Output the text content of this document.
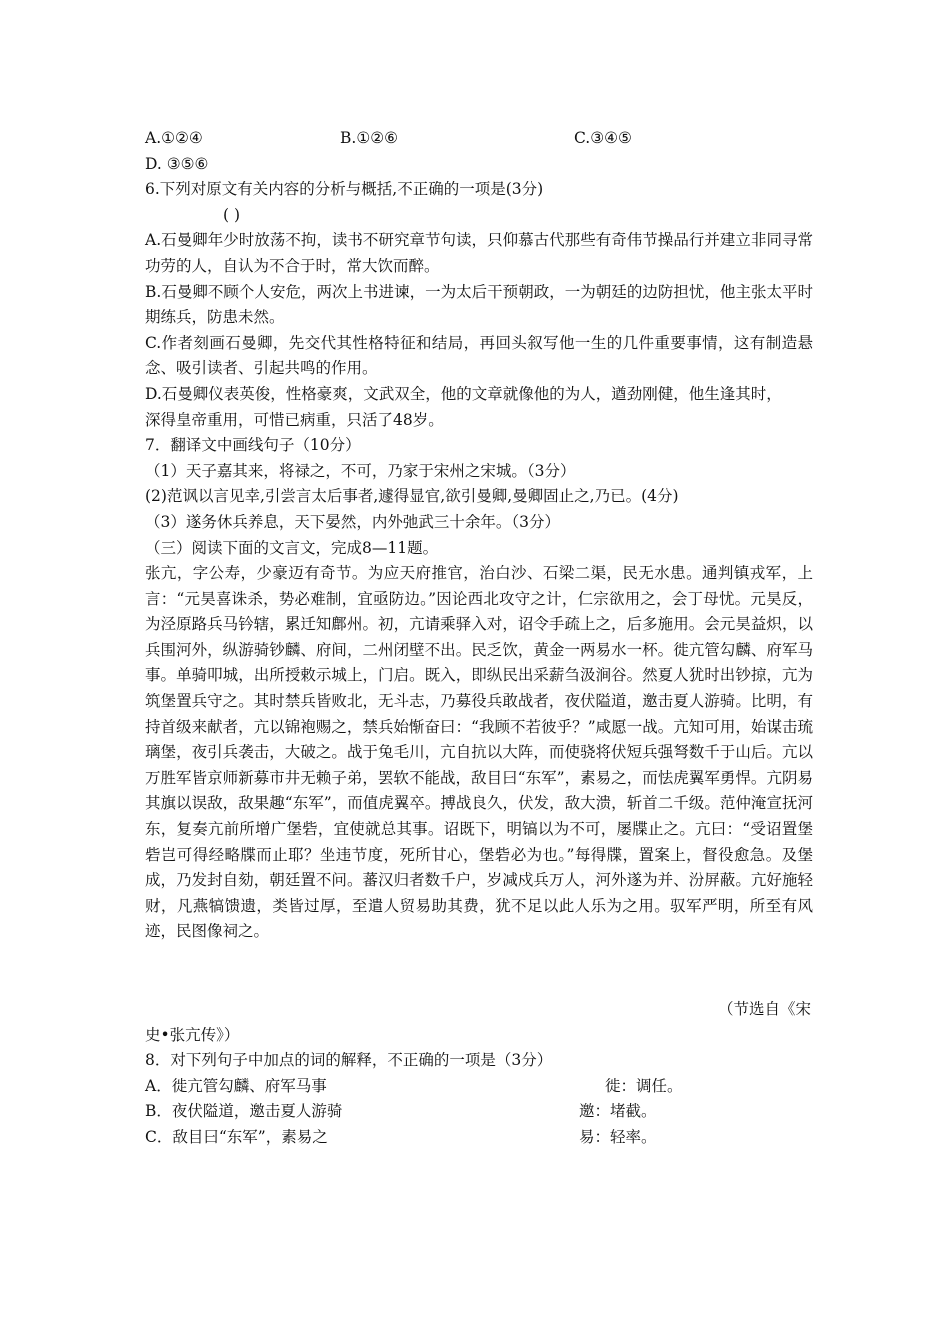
A.①②④	B.①②⑥	C.③④⑤
D. ③⑤⑥
6.下列对原文有关内容的分析与概括,不正确的一项是(3分)
( )
A.石曼卿年少时放荡不拘，读书不研究章节句读，只仰慕古代那些有奇伟节操品行并建立非同寻常功劳的人，自认为不合于时，常大饮而醉。
B.石曼卿不顾个人安危，两次上书进谏，一为太后干预朝政，一为朝廷的边防担忧，他主张太平时期练兵，防患未然。
C.作者刻画石曼卿，先交代其性格特征和结局，再回头叙写他一生的几件重要事情，这有制造悬念、吸引读者、引起共鸣的作用。
D.石曼卿仪表英俊，性格豪爽，文武双全，他的文章就像他的为人，遒劲刚健，他生逢其时，
深得皇帝重用，可惜已病重，只活了48岁。
7．翻译文中画线句子（10分）
（1）天子嘉其来，将禄之，不可，乃家于宋州之宋城。（3分）
(2)范讽以言见幸,引尝言太后事者,遽得显官,欲引曼卿,曼卿固止之,乃已。(4分)
（3）遂务休兵养息，天下晏然，内外弛武三十余年。（3分）
（三）阅读下面的文言文，完成8—11题。
张亢，字公寿，少豪迈有奇节。为应天府推官，治白沙、石梁二渠，民无水患。通判镇戎军，上言：“元昊喜诛杀，势必难制，宜亟防边。”因论西北攻守之计，仁宗欲用之，会丁母忧。元昊反，为泾原路兵马钤辖，累迁知鄜州。初，亢请乘驿入对，诏令手疏上之，后多施用。会元昊益炽，以兵围河外，纵游骑钞麟、府间，二州闭壁不出。民乏饮，黄金一两易水一杯。徙亢管勾麟、府军马事。单骑叩城，出所授敕示城上，门启。既入，即纵民出采薪刍汲涧谷。然夏人犹时出钞掠，亢为筑堡置兵守之。其时禁兵皆败北，无斗志，乃募役兵敢战者，夜伏隘道，邀击夏人游骑。比明，有持首级来献者，亢以锦袍赐之，禁兵始惭奋曰：“我顾不若彼乎？”咸愿一战。亢知可用，始谋击琉璃堡，夜引兵袭击，大破之。战于兔毛川，亢自抗以大阵，而使骁将伏短兵强弩数千于山后。亢以万胜军皆京师新募市井无赖子弟，罢软不能战，敌目曰“东军”，素易之，而怯虎翼军勇悍。亢阴易其旗以误敌，敌果趣“东军”，而值虎翼卒。搏战良久，伏发，敌大溃，斩首二千级。范仲淹宣抚河东，复奏亢前所增广堡砦，宜使就总其事。诏既下，明镐以为不可，屡牒止之。亢曰：“受诏置堡砦岂可得经略牒而止耶？坐违节度，死所甘心，堡砦必为也。”每得牒，置案上，督役愈急。及堡成，乃发封自劾，朝廷置不问。蕃汉归者数千户，岁减戍兵万人，河外遂为并、汾屏蔽。亢好施轻财，凡燕犒馈遗，类皆过厚，至遣人贸易助其费，犹不足以此人乐为之用。驭军严明，所至有风迹，民图像祠之。
（节选自《宋
史•张亢传》）
8．对下列句子中加点的词的解释，不正确的一项是（3分）
A．徙亢管勾麟、府军马事	徙：调任。
B．夜伏隘道，邀击夏人游骑	邀：堵截。
C．敌目曰“东军”，素易之	易：轻率。
